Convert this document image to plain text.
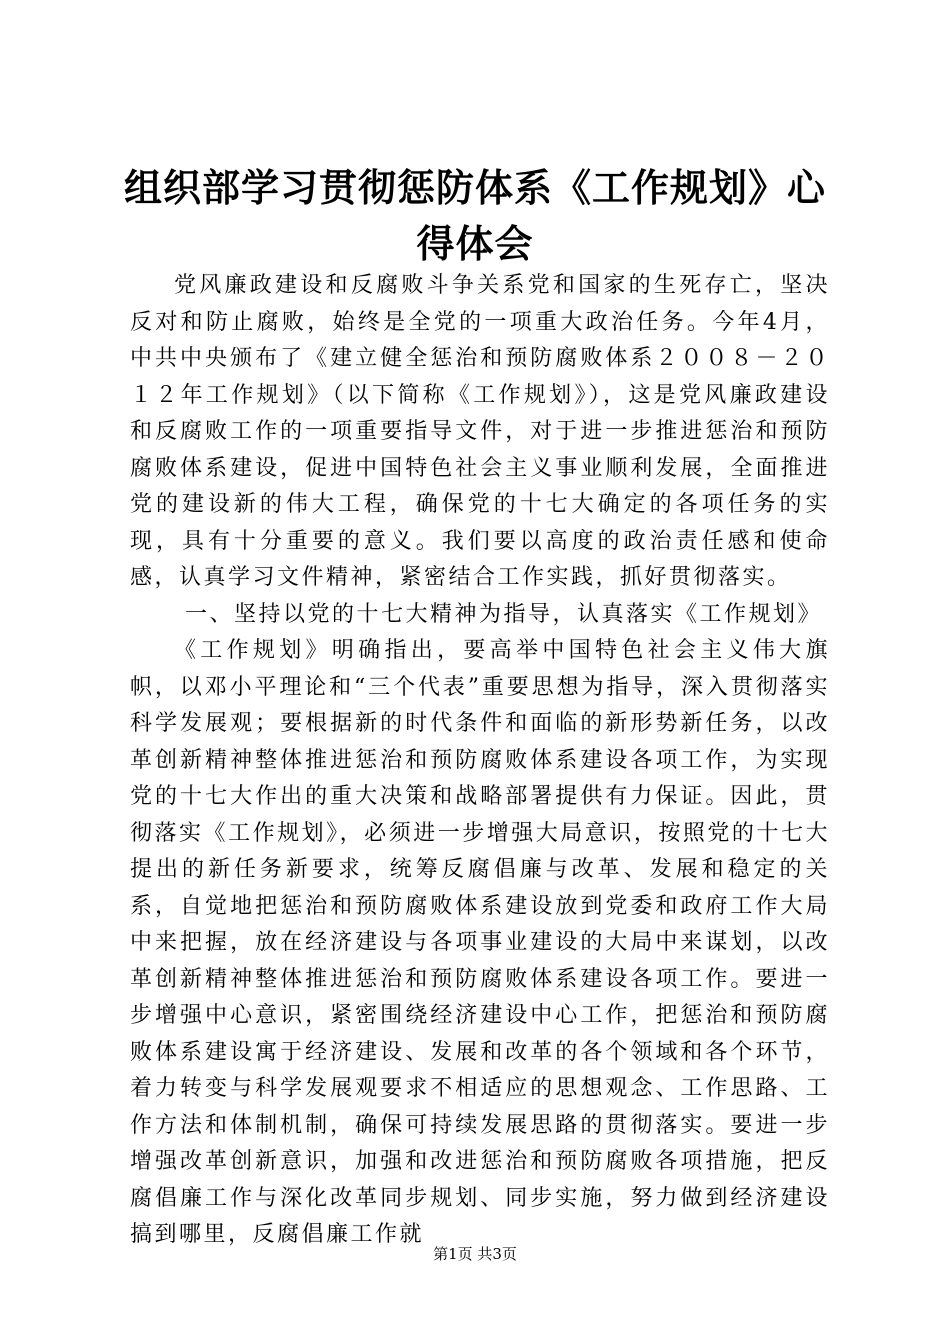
组织部学习贯彻惩防体系《工作规划》心得体会

党风廉政建设和反腐败斗争关系党和国家的生死存亡，坚决反对和防止腐败，始终是全党的一项重大政治任务。今年4月，中共中央颁布了《建立健全惩治和预防腐败体系２００８－２０１２年工作规划》（以下简称《工作规划》），这是党风廉政建设和反腐败工作的一项重要指导文件，对于进一步推进惩治和预防腐败体系建设，促进中国特色社会主义事业顺利发展，全面推进党的建设新的伟大工程，确保党的十七大确定的各项任务的实现，具有十分重要的意义。我们要以高度的政治责任感和使命感，认真学习文件精神，紧密结合工作实践，抓好贯彻落实。

一、坚持以党的十七大精神为指导，认真落实《工作规划》

《工作规划》明确指出，要高举中国特色社会主义伟大旗帜，以邓小平理论和“三个代表”重要思想为指导，深入贯彻落实科学发展观；要根据新的时代条件和面临的新形势新任务，以改革创新精神整体推进惩治和预防腐败体系建设各项工作，为实现党的十七大作出的重大决策和战略部署提供有力保证。因此，贯彻落实《工作规划》，必须进一步增强大局意识，按照党的十七大提出的新任务新要求，统筹反腐倡廉与改革、发展和稳定的关系，自觉地把惩治和预防腐败体系建设放到党委和政府工作大局中来把握，放在经济建设与各项事业建设的大局中来谋划，以改革创新精神整体推进惩治和预防腐败体系建设各项工作。要进一步增强中心意识，紧密围绕经济建设中心工作，把惩治和预防腐败体系建设寓于经济建设、发展和改革的各个领域和各个环节，着力转变与科学发展观要求不相适应的思想观念、工作思路、工作方法和体制机制，确保可持续发展思路的贯彻落实。要进一步增强改革创新意识，加强和改进惩治和预防腐败各项措施，把反腐倡廉工作与深化改革同步规划、同步实施，努力做到经济建设搞到哪里，反腐倡廉工作就

第1页 共3页
